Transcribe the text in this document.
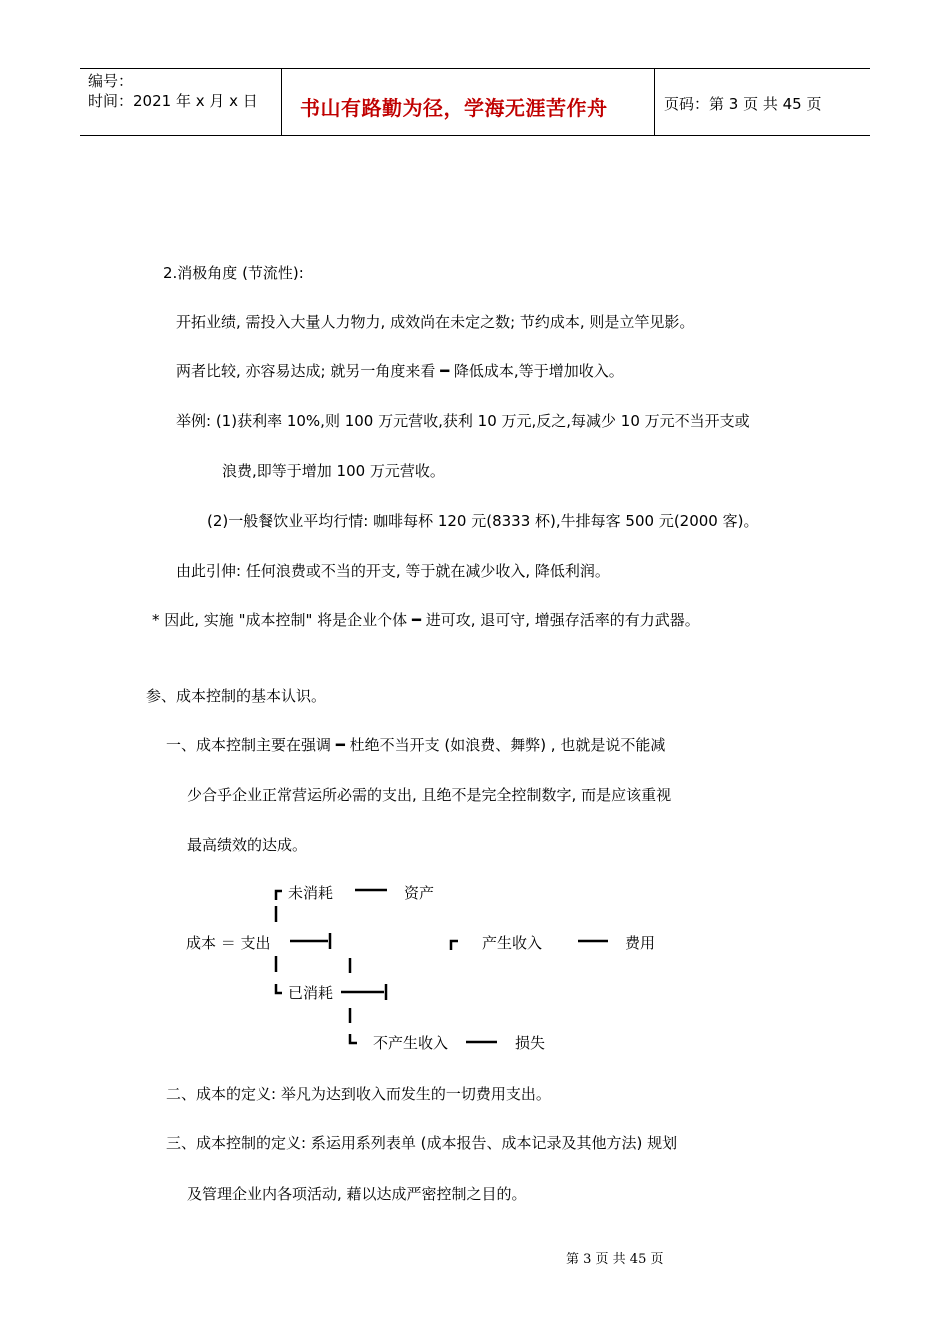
编号：
时间：2021 年 x 月 x 日 书山有路勤为径，学海无涯苦作舟	页码：第 3 页 共 45 页
2.消极角度 (节流性):
开拓业绩, 需投入大量人力物力, 成效尚在未定之数; 节约成本, 则是立竿见影。
两者比较, 亦容易达成; 就另一角度来看 ━ 降低成本,等于增加收入。
举例: (1)获利率 10%,则 100 万元营收,获利 10 万元,反之,每减少 10 万元不当开支或
浪费,即等于增加 100 万元营收。
(2)一般餐饮业平均行情: 咖啡每杯 120 元(8333 杯),牛排每客 500 元(2000 客)。
由此引伸: 任何浪费或不当的开支, 等于就在减少收入, 降低利润。
* 因此, 实施 "成本控制" 将是企业个体 ━ 进可攻, 退可守, 增强存活率的有力武器。
参、成本控制的基本认识。
一、成本控制主要在强调 ━ 杜绝不当开支 (如浪费、舞弊) , 也就是说不能减
少合乎企业正常营运所必需的支出, 且绝不是完全控制数字, 而是应该重视
最高绩效的达成。
未消耗	资产
成本 ＝ 支出	产生收入	费用
已消耗
不产生收入	损失
二、成本的定义: 举凡为达到收入而发生的一切费用支出。
三、成本控制的定义: 系运用系列表单 (成本报告、成本记录及其他方法) 规划
及管理企业内各项活动, 藉以达成严密控制之目的。
第 3 页 共 45 页
